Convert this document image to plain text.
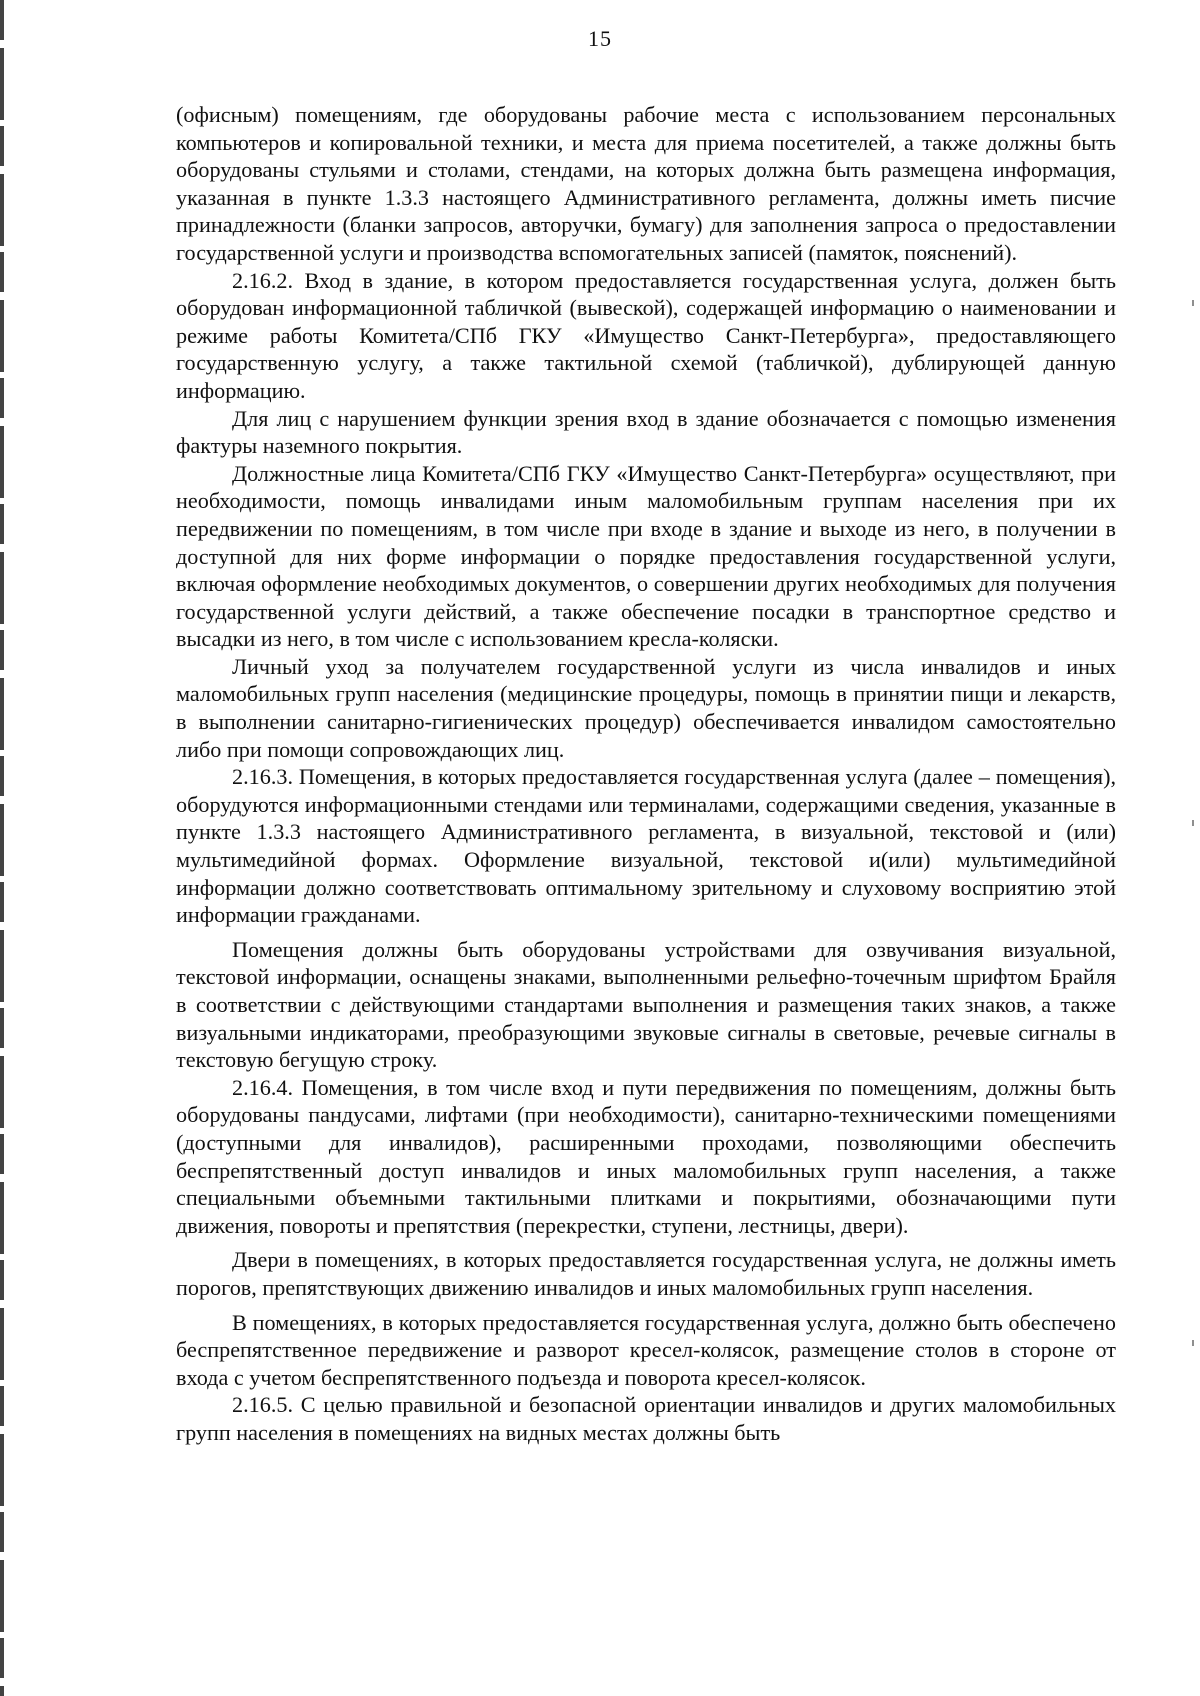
15

(офисным) помещениям, где оборудованы рабочие места с использованием персональных компьютеров и копировальной техники, и места для приема посетителей, а также должны быть оборудованы стульями и столами, стендами, на которых должна быть размещена информация, указанная в пункте 1.3.3 настоящего Административного регламента, должны иметь писчие принадлежности (бланки запросов, авторучки, бумагу) для заполнения запроса о предоставлении государственной услуги и производства вспомогательных записей (памяток, пояснений).

2.16.2. Вход в здание, в котором предоставляется государственная услуга, должен быть оборудован информационной табличкой (вывеской), содержащей информацию о наименовании и режиме работы Комитета/СПб ГКУ «Имущество Санкт-Петербурга», предоставляющего государственную услугу, а также тактильной схемой (табличкой), дублирующей данную информацию.

Для лиц с нарушением функции зрения вход в здание обозначается с помощью изменения фактуры наземного покрытия.

Должностные лица Комитета/СПб ГКУ «Имущество Санкт-Петербурга» осуществляют, при необходимости, помощь инвалидами иным маломобильным группам населения при их передвижении по помещениям, в том числе при входе в здание и выходе из него, в получении в доступной для них форме информации о порядке предоставления государственной услуги, включая оформление необходимых документов, о совершении других необходимых для получения государственной услуги действий, а также обеспечение посадки в транспортное средство и высадки из него, в том числе с использованием кресла-коляски.

Личный уход за получателем государственной услуги из числа инвалидов и иных маломобильных групп населения (медицинские процедуры, помощь в принятии пищи и лекарств, в выполнении санитарно-гигиенических процедур) обеспечивается инвалидом самостоятельно либо при помощи сопровождающих лиц.

2.16.3. Помещения, в которых предоставляется государственная услуга (далее – помещения), оборудуются информационными стендами или терминалами, содержащими сведения, указанные в пункте 1.3.3 настоящего Административного регламента, в визуальной, текстовой и (или) мультимедийной формах. Оформление визуальной, текстовой и(или) мультимедийной информации должно соответствовать оптимальному зрительному и слуховому восприятию этой информации гражданами.

Помещения должны быть оборудованы устройствами для озвучивания визуальной, текстовой информации, оснащены знаками, выполненными рельефно-точечным шрифтом Брайля в соответствии с действующими стандартами выполнения и размещения таких знаков, а также визуальными индикаторами, преобразующими звуковые сигналы в световые, речевые сигналы в текстовую бегущую строку.

2.16.4. Помещения, в том числе вход и пути передвижения по помещениям, должны быть оборудованы пандусами, лифтами (при необходимости), санитарно-техническими помещениями (доступными для инвалидов), расширенными проходами, позволяющими обеспечить беспрепятственный доступ инвалидов и иных маломобильных групп населения, а также специальными объемными тактильными плитками и покрытиями, обозначающими пути движения, повороты и препятствия (перекрестки, ступени, лестницы, двери).

Двери в помещениях, в которых предоставляется государственная услуга, не должны иметь порогов, препятствующих движению инвалидов и иных маломобильных групп населения.

В помещениях, в которых предоставляется государственная услуга, должно быть обеспечено беспрепятственное передвижение и разворот кресел-колясок, размещение столов в стороне от входа с учетом беспрепятственного подъезда и поворота кресел-колясок.

2.16.5. С целью правильной и безопасной ориентации инвалидов и других маломобильных групп населения в помещениях на видных местах должны быть
